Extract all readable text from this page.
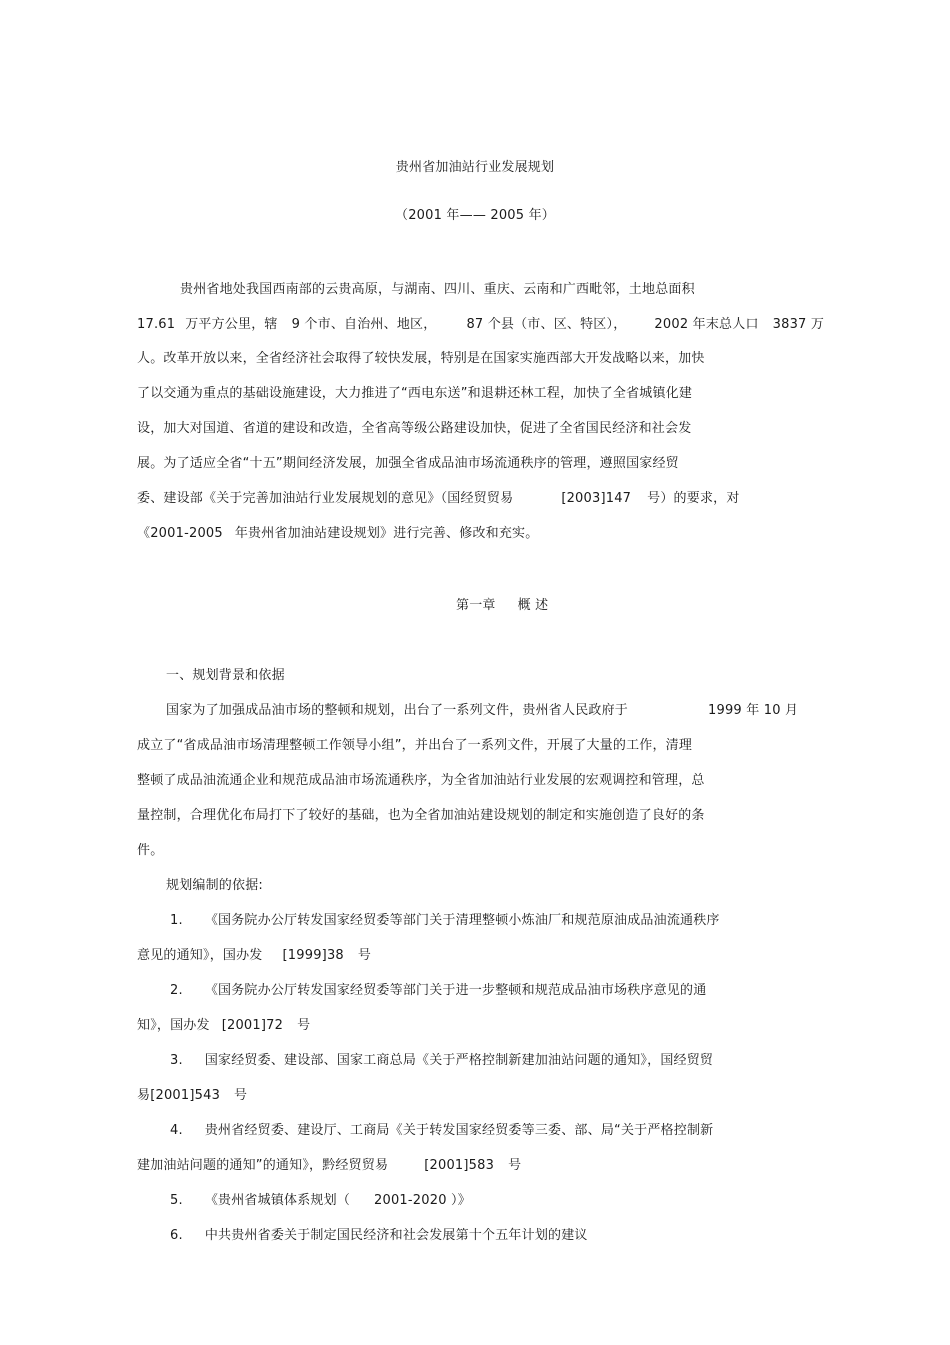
贵州省加油站行业发展规划
（2001 年—— 2005 年）
贵州省地处我国西南部的云贵高原，与湖南、四川、重庆、云南和广西毗邻，土地总面积
17.61 万平方公里，辖 9 个市、自治州、地区， 87 个县（市、区、特区）， 2002 年末总人口 3837 万
人。改革开放以来，全省经济社会取得了较快发展，特别是在国家实施西部大开发战略以来，加快
了以交通为重点的基础设施建设，大力推进了“西电东送”和退耕还林工程，加快了全省城镇化建
设，加大对国道、省道的建设和改造，全省高等级公路建设加快，促进了全省国民经济和社会发
展。为了适应全省“十五”期间经济发展，加强全省成品油市场流通秩序的管理，遵照国家经贸
委、建设部《关于完善加油站行业发展规划的意见》（国经贸贸易	[2003]147 号）的要求，对
《2001-2005 年贵州省加油站建设规划》进行完善、修改和充实。
第一章 概 述
一、规划背景和依据
国家为了加强成品油市场的整顿和规划，出台了一系列文件，贵州省人民政府于	1999 年 10 月
成立了“省成品油市场清理整顿工作领导小组”，并出台了一系列文件，开展了大量的工作，清理
整顿了成品油流通企业和规范成品油市场流通秩序，为全省加油站行业发展的宏观调控和管理，总
量控制，合理优化布局打下了较好的基础，也为全省加油站建设规划的制定和实施创造了良好的条
件。
规划编制的依据:
1. 《国务院办公厅转发国家经贸委等部门关于清理整顿小炼油厂和规范原油成品油流通秩序
意见的通知》，国办发 [1999]38 号
2. 《国务院办公厅转发国家经贸委等部门关于进一步整顿和规范成品油市场秩序意见的通
知》，国办发 [2001]72 号
3. 国家经贸委、建设部、国家工商总局《关于严格控制新建加油站问题的通知》，国经贸贸
易[2001]543 号
4. 贵州省经贸委、建设厅、工商局《关于转发国家经贸委等三委、部、局“关于严格控制新
建加油站问题的通知”的通知》，黔经贸贸易	[2001]583 号
5. 《贵州省城镇体系规划（ 2001-2020 ）》
6. 中共贵州省委关于制定国民经济和社会发展第十个五年计划的建议
